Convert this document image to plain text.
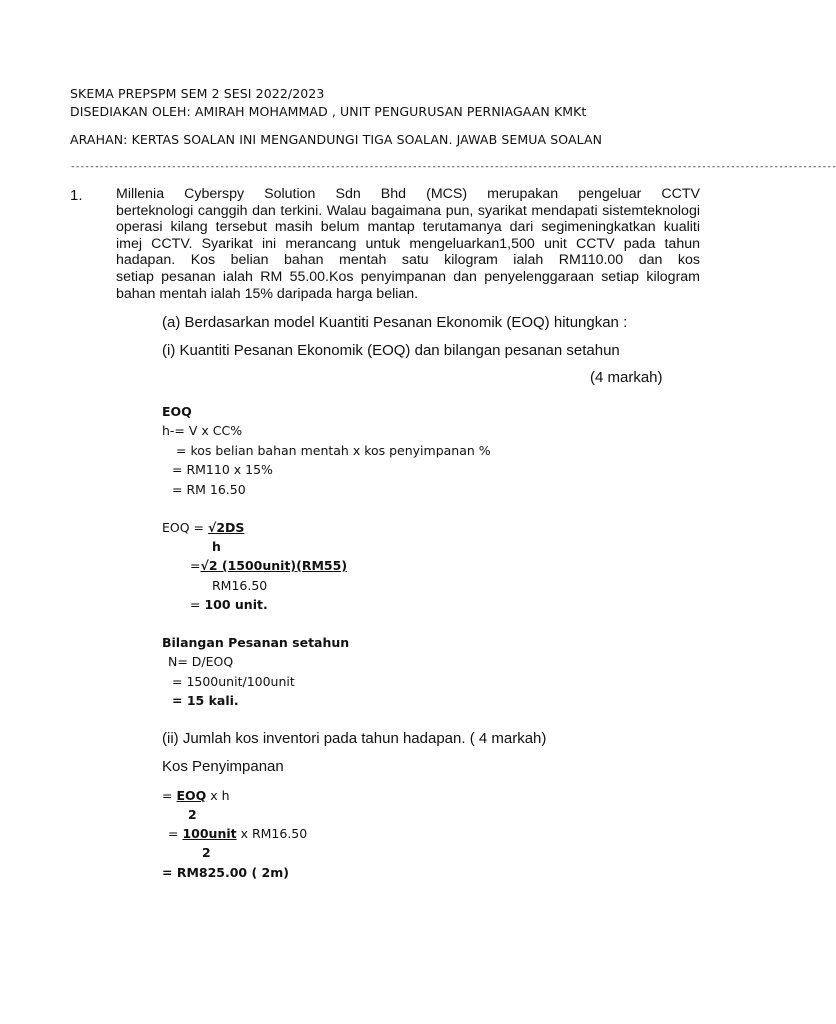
SKEMA PREPSPM SEM 2 SESI 2022/2023
DISEDIAKAN OLEH: AMIRAH MOHAMMAD , UNIT PENGURUSAN PERNIAGAAN KMKt
ARAHAN: KERTAS SOALAN INI MENGANDUNGI TIGA SOALAN. JAWAB SEMUA SOALAN
---------------------------------------------------------------------------------------------------------------------------------------------------------------
1. Millenia Cyberspy Solution Sdn Bhd (MCS) merupakan pengeluar CCTV
berteknologi canggih dan terkini. Walau bagaimana pun, syarikat mendapati sistemteknologi
operasi kilang tersebut masih belum mantap terutamanya dari segimeningkatkan kualiti
imej CCTV. Syarikat ini merancang untuk mengeluarkan1,500 unit CCTV pada tahun
hadapan. Kos belian bahan mentah satu kilogram ialah RM110.00 dan kos
setiap pesanan ialah RM 55.00.Kos penyimpanan dan penyelenggaraan setiap kilogram
bahan mentah ialah 15% daripada harga belian.
(a) Berdasarkan model Kuantiti Pesanan Ekonomik (EOQ) hitungkan :
(i) Kuantiti Pesanan Ekonomik (EOQ) dan bilangan pesanan setahun
(4 markah)
EOQ
h-= V x CC%
= kos belian bahan mentah x kos penyimpanan %
= RM110 x 15%
= RM 16.50
EOQ = √2DS
h
=√2 (1500unit)(RM55)
RM16.50
= 100 unit.
Bilangan Pesanan setahun
N= D/EOQ
= 1500unit/100unit
= 15 kali.
(ii) Jumlah kos inventori pada tahun hadapan. ( 4 markah)
Kos Penyimpanan
= EOQ x h
2
= 100unit x RM16.50
2
= RM825.00 ( 2m)
